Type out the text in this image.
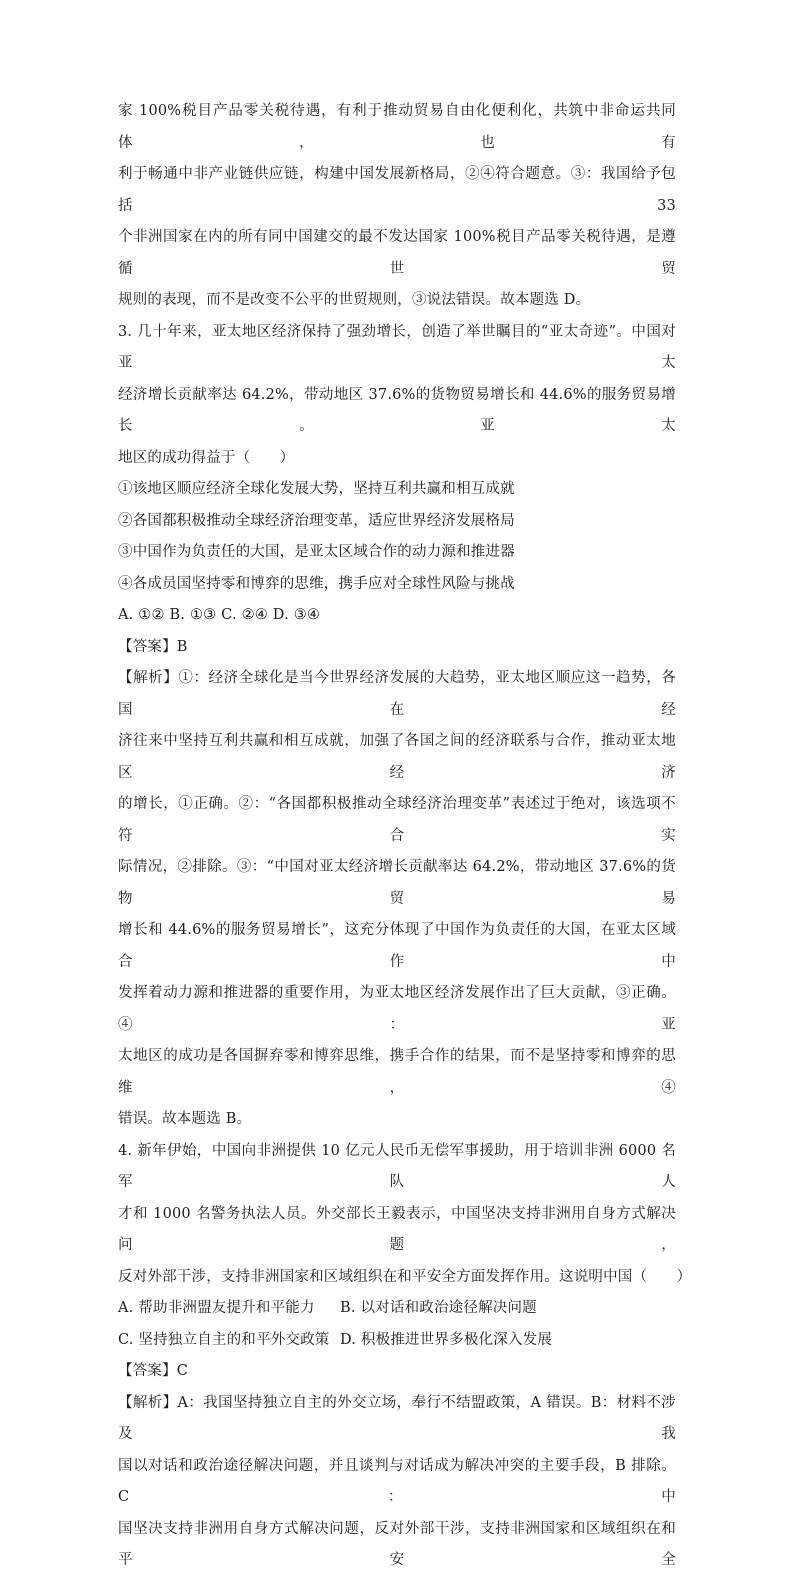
家 100%税目产品零关税待遇，有利于推动贸易自由化便利化，共筑中非命运共同体，也有
利于畅通中非产业链供应链，构建中国发展新格局，②④符合题意。③：我国给予包括 33
个非洲国家在内的所有同中国建交的最不发达国家 100%税目产品零关税待遇，是遵循世贸
规则的表现，而不是改变不公平的世贸规则，③说法错误。故本题选 D。
3. 几十年来，亚太地区经济保持了强劲增长，创造了举世瞩目的“亚太奇迹”。中国对亚太
经济增长贡献率达 64.2%，带动地区 37.6%的货物贸易增长和 44.6%的服务贸易增长。亚太
地区的成功得益于（　　）
①该地区顺应经济全球化发展大势，坚持互利共赢和相互成就
②各国都积极推动全球经济治理变革，适应世界经济发展格局
③中国作为负责任的大国，是亚太区域合作的动力源和推进器
④各成员国坚持零和博弈的思维，携手应对全球性风险与挑战
A. ①② B. ①③ C. ②④ D. ③④
【答案】B
【解析】①：经济全球化是当今世界经济发展的大趋势，亚太地区顺应这一趋势，各国在经
济往来中坚持互利共赢和相互成就，加强了各国之间的经济联系与合作，推动亚太地区经济
的增长，①正确。②：“各国都积极推动全球经济治理变革”表述过于绝对，该选项不符合实
际情况，②排除。③：“中国对亚太经济增长贡献率达 64.2%，带动地区 37.6%的货物贸易
增长和 44.6%的服务贸易增长”，这充分体现了中国作为负责任的大国，在亚太区域合作中
发挥着动力源和推进器的重要作用，为亚太地区经济发展作出了巨大贡献，③正确。④：亚
太地区的成功是各国摒弃零和博弈思维，携手合作的结果，而不是坚持零和博弈的思维，④
错误。故本题选 B。
4. 新年伊始，中国向非洲提供 10 亿元人民币无偿军事援助，用于培训非洲 6000 名军队人
才和 1000 名警务执法人员。外交部长王毅表示，中国坚决支持非洲用自身方式解决问题，
反对外部干涉，支持非洲国家和区域组织在和平安全方面发挥作用。这说明中国（　　）
A. 帮助非洲盟友提升和平能力	B. 以对话和政治途径解决问题
C. 坚持独立自主的和平外交政策 D. 积极推进世界多极化深入发展
【答案】C
【解析】A：我国坚持独立自主的外交立场，奉行不结盟政策，A 错误。B：材料不涉及我
国以对话和政治途径解决问题，并且谈判与对话成为解决冲突的主要手段，B 排除。C：中
国坚决支持非洲用自身方式解决问题，反对外部干涉，支持非洲国家和区域组织在和平安全
